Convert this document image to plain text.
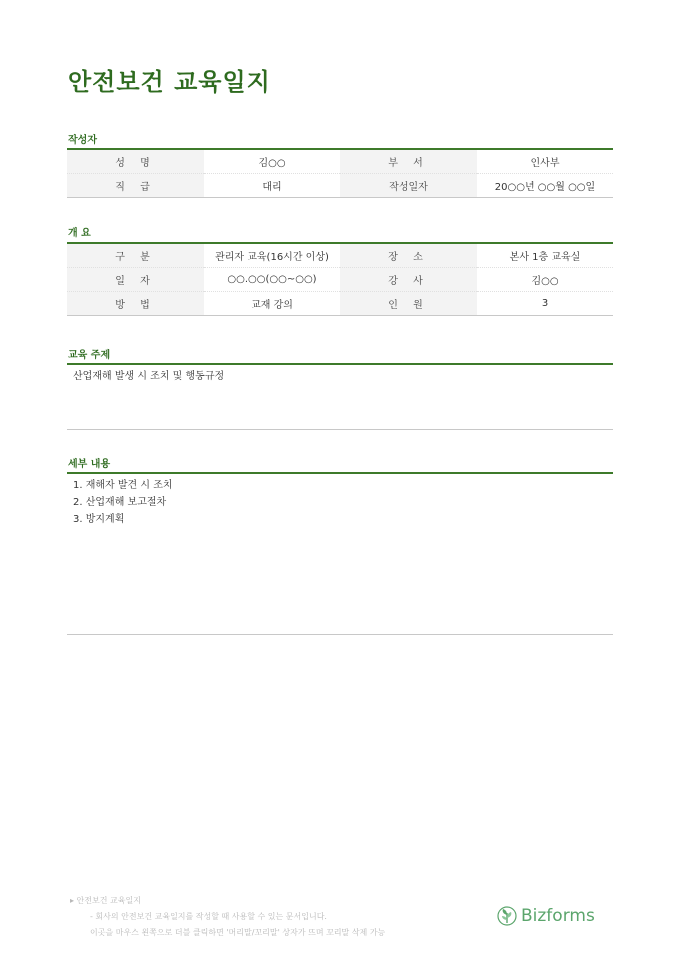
안전보건 교육일지
작성자
성 명	김○○	부 서	인사부
직 급	대리	작성일자	20○○년 ○○월 ○○일
개 요
구 분	관리자 교육(16시간 이상)	장 소	본사 1층 교육실
일 자	○○.○○(○○~○○)	강 사	김○○
방 법	교재 강의	인 원	3
교육 주제
산업재해 발생 시 조치 및 행동규정
세부 내용
1. 재해자 발견 시 조치
2. 산업재해 보고절차
3. 방지계획
▸ 안전보건 교육일지
- 회사의 안전보건 교육일지를 작성할 때 사용할 수 있는 문서입니다.
이곳을 마우스 왼쪽으로 더블 클릭하면 '머리말/꼬리말' 상자가 뜨며 꼬리말 삭제 가능
Bizforms
